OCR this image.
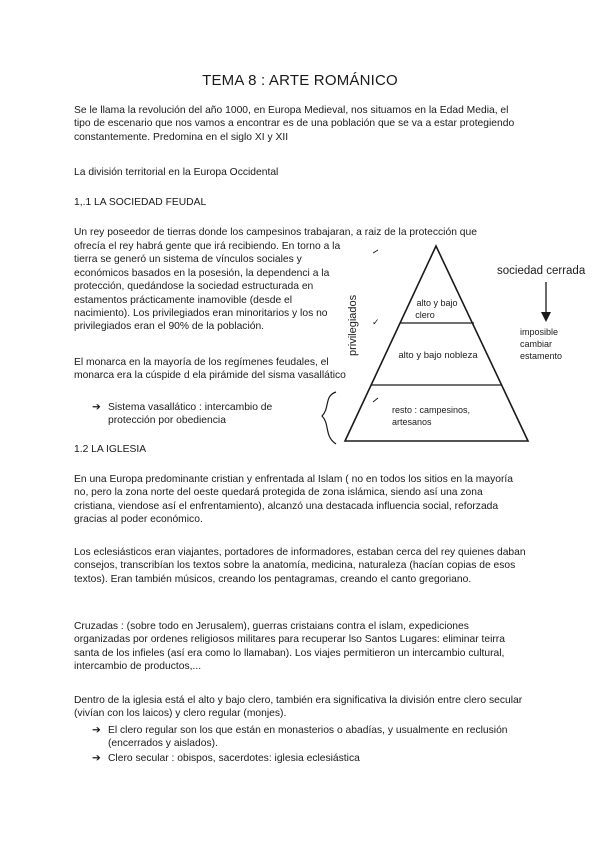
TEMA 8 : ARTE ROMÁNICO
Se le llama la revolución del año 1000, en Europa Medieval, nos situamos en la Edad Media, el tipo de escenario que nos vamos a encontrar es de una población que se va a estar protegiendo constantemente. Predomina en el siglo XI y XII
La división territorial en la Europa Occidental
1,.1 LA SOCIEDAD FEUDAL
Un rey poseedor de tierras donde los campesinos trabajaran, a raiz de la protección que
ofrecía el rey habrá gente que irá recibiendo. En torno a la tierra se generó un sistema de vínculos sociales y económicos basados en la posesión, la dependenci a la protección, quedándose la sociedad estructurada en estamentos prácticamente inamovible (desde el nacimiento). Los privilegiados eran minoritarios y los no privilegiados eran el 90% de la población.
El monarca en la mayoría de los regímenes feudales, el monarca era la cúspide d ela pirámide del sisma vasallático
➔ Sistema vasallático : intercambio de protección por obediencia
1.2 LA IGLESIA
En una Europa predominante cristian y enfrentada al Islam ( no en todos los sitios en la mayoría no, pero la zona norte del oeste quedará protegida de zona islámica, siendo así una zona cristiana, viendose así el enfrentamiento), alcanzó una destacada influencia social, reforzada gracias al poder económico.
Los eclesiásticos eran viajantes, portadores de informadores, estaban cerca del rey quienes daban consejos, transcribían los textos sobre la anatomía, medicina, naturaleza (hacían copias de esos textos). Eran también músicos, creando los pentagramas, creando el canto gregoriano.
Cruzadas : (sobre todo en Jerusalem), guerras cristaians contra el islam, expediciones organizadas por ordenes religiosos militares para recuperar lso Santos Lugares: eliminar teirra santa de los infieles (así era como lo llamaban). Los viajes permitieron un intercambio cultural, intercambio de productos,...
Dentro de la iglesia está el alto y bajo clero, también era significativa la división entre clero secular (vivían con los laicos) y clero regular (monjes).
➔ El clero regular son los que están en monasterios o abadías, y usualmente en reclusión (encerrados y aislados).
➔ Clero secular : obispos, sacerdotes: iglesia eclesiástica
alto y bajo
clero
alto y bajo nobleza
resto : campesinos,
artesanos
privilegiados ✓
sociedad cerrada
imposible
cambiar
estamento
